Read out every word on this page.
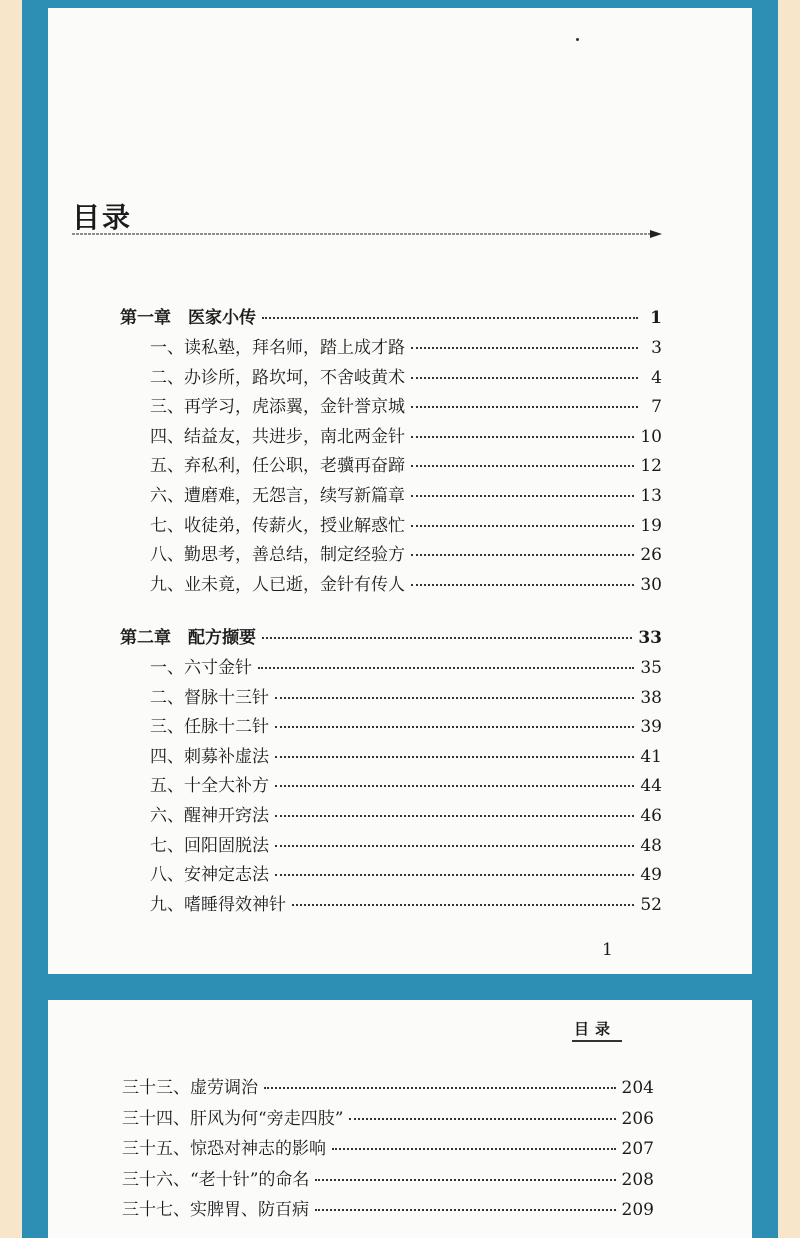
目录
第一章　医家小传	1
一、读私塾，拜名师，踏上成才路	3
二、办诊所，路坎坷，不舍岐黄术	4
三、再学习，虎添翼，金针誉京城	7
四、结益友，共进步，南北两金针	10
五、弃私利，任公职，老骥再奋蹄	12
六、遭磨难，无怨言，续写新篇章	13
七、收徒弟，传薪火，授业解惑忙	19
八、勤思考，善总结，制定经验方	26
九、业未竟，人已逝，金针有传人	30
第二章　配方撷要	33
一、六寸金针	35
二、督脉十三针	38
三、任脉十二针	39
四、刺募补虚法	41
五、十全大补方	44
六、醒神开窍法	46
七、回阳固脱法	48
八、安神定志法	49
九、嗜睡得效神针	52
1
目录
三十三、虚劳调治	204
三十四、肝风为何“旁走四肢”	206
三十五、惊恐对神志的影响	207
三十六、“老十针”的命名	208
三十七、实脾胃、防百病	209
